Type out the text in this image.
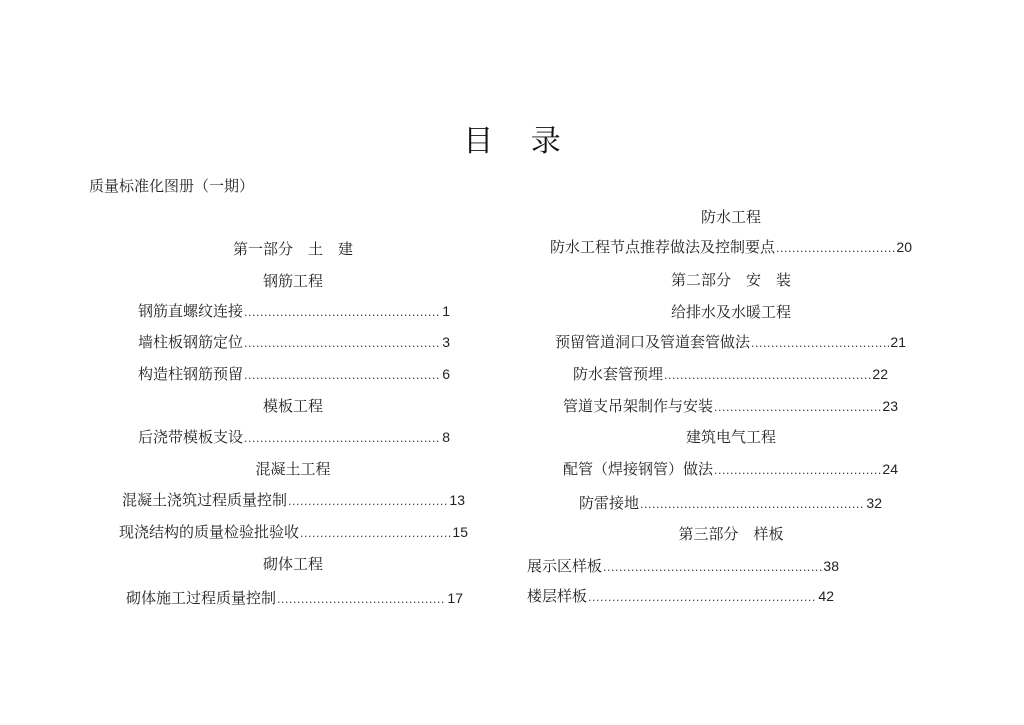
目 录
质量标准化图册（一期）
第一部分　土　建
钢筋工程
钢筋直螺纹连接 .....	1
墙柱板钢筋定位 .....	3
构造柱钢筋预留 .....	6
模板工程
后浇带模板支设 .....	8
混凝土工程
混凝土浇筑过程质量控制 .....	13
现浇结构的质量检验批验收 .....	15
砌体工程
砌体施工过程质量控制 .....	17
防水工程
防水工程节点推荐做法及控制要点 .....	20
第二部分　安　装
给排水及水暖工程
预留管道洞口及管道套管做法 .....	21
防水套管预埋 .....	22
管道支吊架制作与安装 .....	23
建筑电气工程
配管（焊接钢管）做法 .....	24
防雷接地 .....	32
第三部分　样板
展示区样板 .....	38
楼层样板 .....	42
